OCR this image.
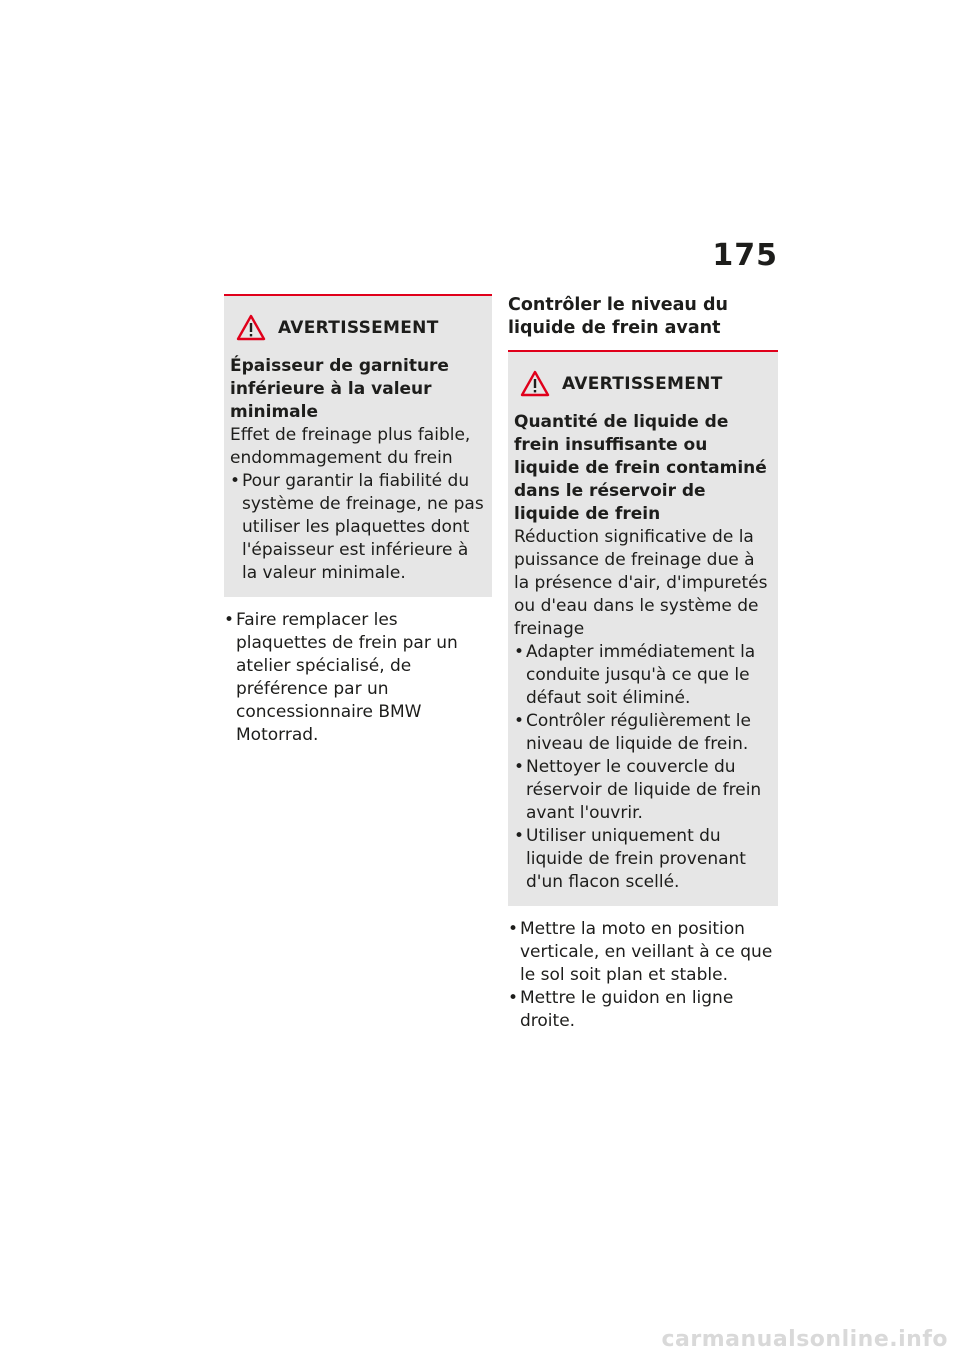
175
AVERTISSEMENT

Épaisseur de garniture inférieure à la valeur minimale

Effet de freinage plus faible, endommagement du frein

• Pour garantir la fiabilité du système de freinage, ne pas utiliser les plaquettes dont l'épaisseur est inférieure à la valeur minimale.
• Faire remplacer les plaquettes de frein par un atelier spécialisé, de préférence par un concessionnaire BMW Motorrad.

Contrôler le niveau du liquide de frein avant

AVERTISSEMENT

Quantité de liquide de frein insuffisante ou liquide de frein contaminé dans le réservoir de liquide de frein

Réduction significative de la puissance de freinage due à la présence d'air, d'impuretés ou d'eau dans le système de freinage

• Adapter immédiatement la conduite jusqu'à ce que le défaut soit éliminé.
• Contrôler régulièrement le niveau de liquide de frein.
• Nettoyer le couvercle du réservoir de liquide de frein avant l'ouvrir.
• Utiliser uniquement du liquide de frein provenant d'un flacon scellé.
• Mettre la moto en position verticale, en veillant à ce que le sol soit plan et stable.
• Mettre le guidon en ligne droite.
carmanualsonline.info
